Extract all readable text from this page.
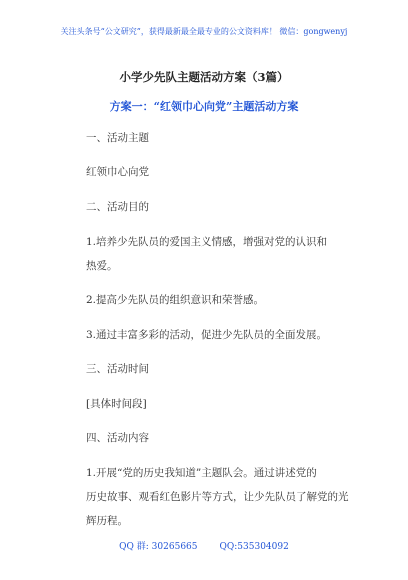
关注头条号“公文研究”，获得最新最全最专业的公文资料库！ 微信：gongwenyj
小学少先队主题活动方案（3篇）
方案一：“红领巾心向党”主题活动方案
一、活动主题
红领巾心向党
二、活动目的
1.培养少先队员的爱国主义情感，增强对党的认识和
热爱。
2.提高少先队员的组织意识和荣誉感。
3.通过丰富多彩的活动，促进少先队员的全面发展。
三、活动时间
[具体时间段]
四、活动内容
1.开展“党的历史我知道”主题队会。通过讲述党的
历史故事、观看红色影片等方式，让少先队员了解党的光
辉历程。
QQ 群: 30265665 QQ:535304092
